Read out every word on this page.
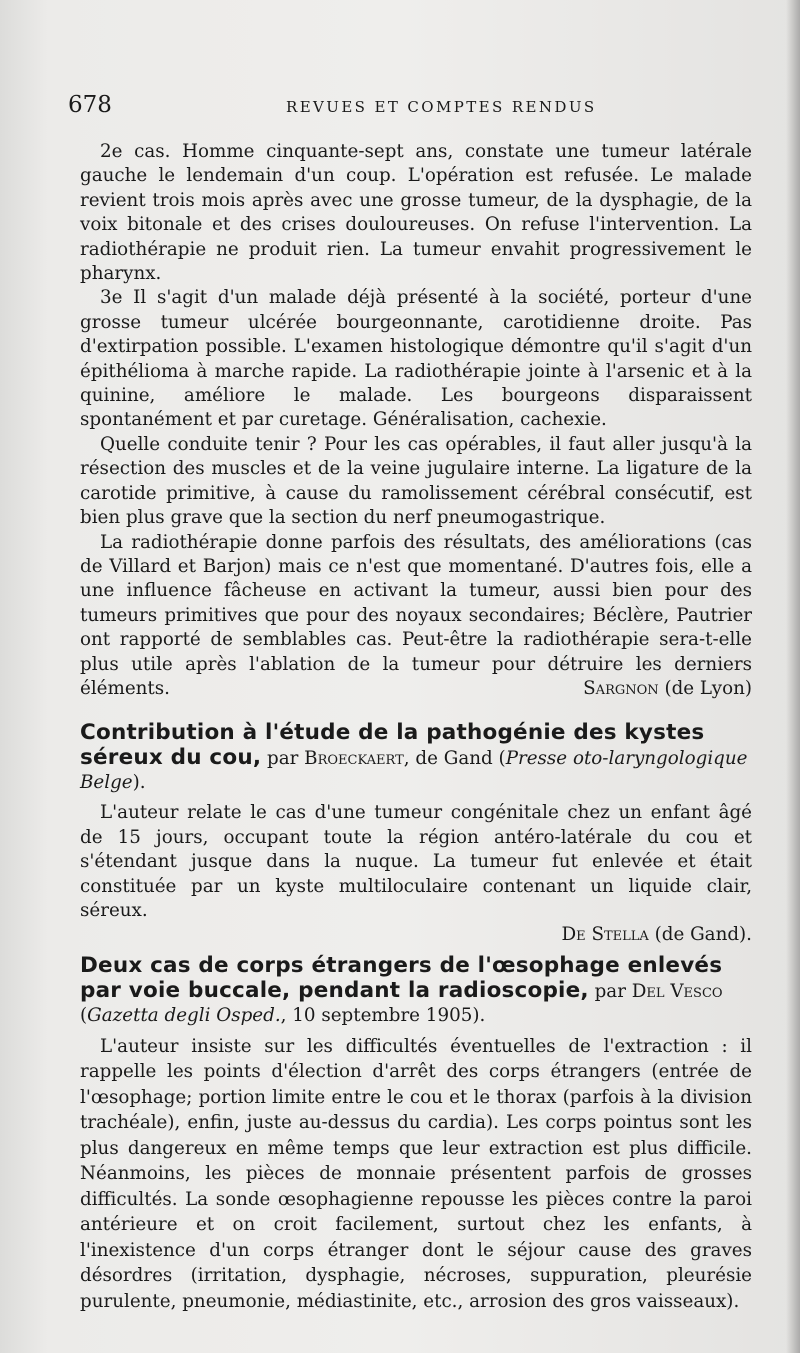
678	REVUES ET COMPTES RENDUS

2e cas. Homme cinquante-sept ans, constate une tumeur latérale gauche le lendemain d'un coup. L'opération est refusée. Le malade revient trois mois après avec une grosse tumeur, de la dysphagie, de la voix bitonale et des crises douloureuses. On refuse l'intervention. La radiothérapie ne produit rien. La tumeur envahit progressivement le pharynx.

3e Il s'agit d'un malade déjà présenté à la société, porteur d'une grosse tumeur ulcérée bourgeonnante, carotidienne droite. Pas d'extirpation possible. L'examen histologique démontre qu'il s'agit d'un épithélioma à marche rapide. La radiothérapie jointe à l'arsenic et à la quinine, améliore le malade. Les bourgeons disparaissent spontanément et par curetage. Généralisation, cachexie.

Quelle conduite tenir ? Pour les cas opérables, il faut aller jusqu'à la résection des muscles et de la veine jugulaire interne. La ligature de la carotide primitive, à cause du ramolissement cérébral consécutif, est bien plus grave que la section du nerf pneumogastrique.

La radiothérapie donne parfois des résultats, des améliorations (cas de Villard et Barjon) mais ce n'est que momentané. D'autres fois, elle a une influence fâcheuse en activant la tumeur, aussi bien pour des tumeurs primitives que pour des noyaux secondaires; Béclère, Pautrier ont rapporté de semblables cas. Peut-être la radiothérapie sera-t-elle plus utile après l'ablation de la tumeur pour détruire les derniers éléments.	Sargnon (de Lyon)

Contribution à l'étude de la pathogénie des kystes séreux du cou, par Broeckaert, de Gand (Presse oto-laryngologique Belge).

L'auteur relate le cas d'une tumeur congénitale chez un enfant âgé de 15 jours, occupant toute la région antéro-latérale du cou et s'étendant jusque dans la nuque. La tumeur fut enlevée et était constituée par un kyste multiloculaire contenant un liquide clair, séreux.
De Stella (de Gand).

Deux cas de corps étrangers de l'œsophage enlevés par voie buccale, pendant la radioscopie, par Del Vesco (Gazetta degli Osped., 10 septembre 1905).

L'auteur insiste sur les difficultés éventuelles de l'extraction : il rappelle les points d'élection d'arrêt des corps étrangers (entrée de l'œsophage; portion limite entre le cou et le thorax (parfois à la division trachéale), enfin, juste au-dessus du cardia). Les corps pointus sont les plus dangereux en même temps que leur extraction est plus difficile. Néanmoins, les pièces de monnaie présentent parfois de grosses difficultés. La sonde œsophagienne repousse les pièces contre la paroi antérieure et on croit facilement, surtout chez les enfants, à l'inexistence d'un corps étranger dont le séjour cause des graves désordres (irritation, dysphagie, nécroses, suppuration, pleurésie purulente, pneumonie, médiastinite, etc., arrosion des gros vaisseaux).
